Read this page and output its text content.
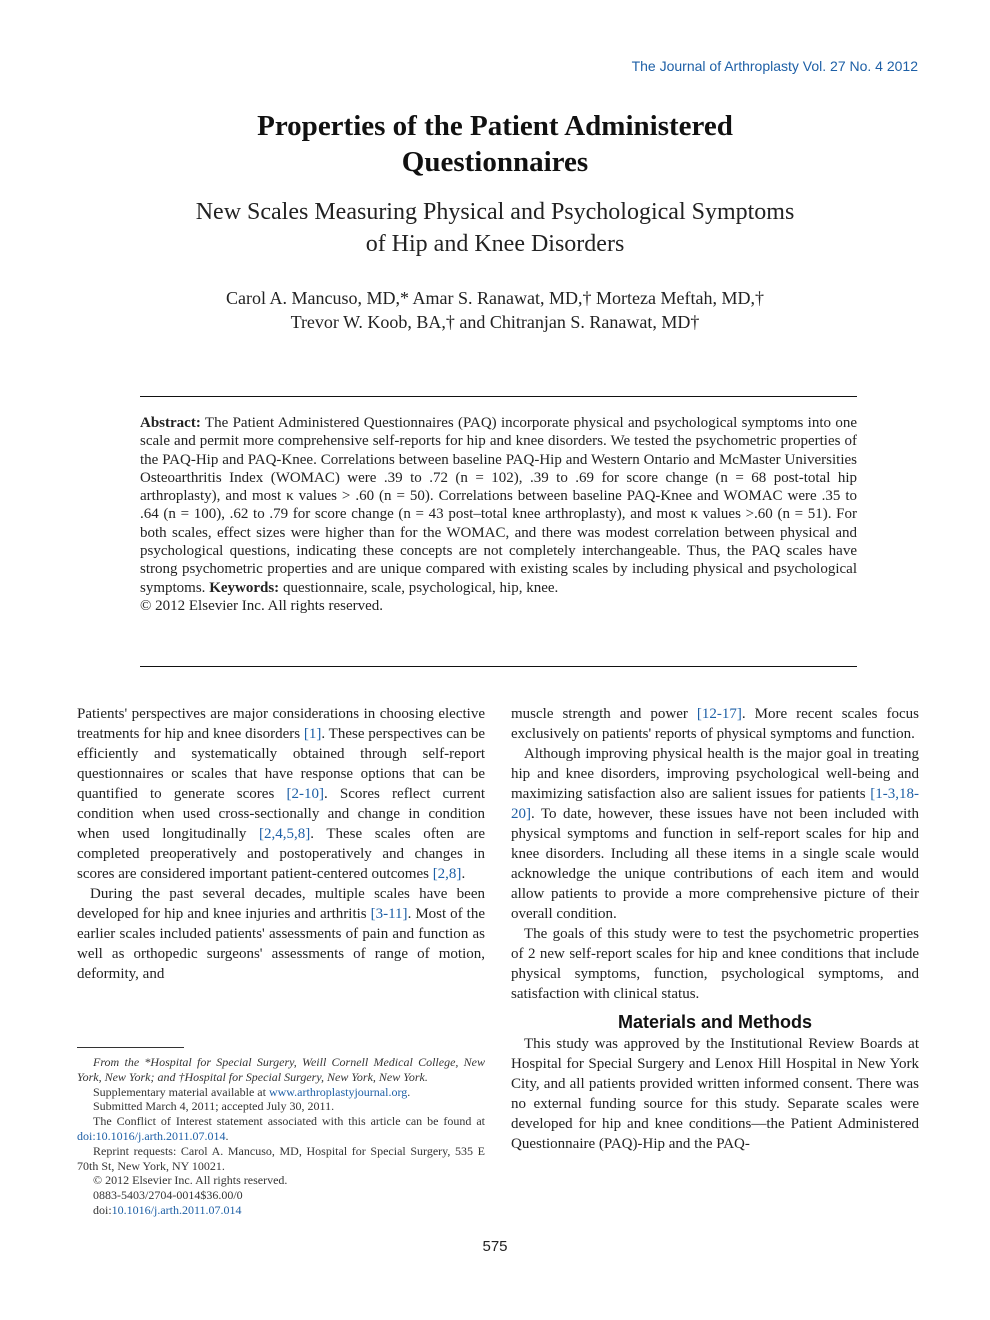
The Journal of Arthroplasty Vol. 27 No. 4 2012
Properties of the Patient Administered
Questionnaires
New Scales Measuring Physical and Psychological Symptoms
of Hip and Knee Disorders
Carol A. Mancuso, MD,* Amar S. Ranawat, MD,† Morteza Meftah, MD,†
Trevor W. Koob, BA,† and Chitranjan S. Ranawat, MD†
Abstract: The Patient Administered Questionnaires (PAQ) incorporate physical and psychological symptoms into one scale and permit more comprehensive self-reports for hip and knee disorders. We tested the psychometric properties of the PAQ-Hip and PAQ-Knee. Correlations between baseline PAQ-Hip and Western Ontario and McMaster Universities Osteoarthritis Index (WOMAC) were .39 to .72 (n = 102), .39 to .69 for score change (n = 68 post-total hip arthroplasty), and most κ values > .60 (n = 50). Correlations between baseline PAQ-Knee and WOMAC were .35 to .64 (n = 100), .62 to .79 for score change (n = 43 post–total knee arthroplasty), and most κ values >.60 (n = 51). For both scales, effect sizes were higher than for the WOMAC, and there was modest correlation between physical and psychological questions, indicating these concepts are not completely interchangeable. Thus, the PAQ scales have strong psychometric properties and are unique compared with existing scales by including physical and psychological symptoms. Keywords: questionnaire, scale, psychological, hip, knee.
© 2012 Elsevier Inc. All rights reserved.

Patients' perspectives are major considerations in choosing elective treatments for hip and knee disorders [1]. These perspectives can be efficiently and systematically obtained through self-report questionnaires or scales that have response options that can be quantified to generate scores [2-10]. Scores reflect current condition when used cross-sectionally and change in condition when used longitudinally [2,4,5,8]. These scales often are completed preoperatively and postoperatively and changes in scores are considered important patient-centered outcomes [2,8].

During the past several decades, multiple scales have been developed for hip and knee injuries and arthritis [3-11]. Most of the earlier scales included patients' assessments of pain and function as well as orthopedic surgeons' assessments of range of motion, deformity, and

From the *Hospital for Special Surgery, Weill Cornell Medical College, New York, New York; and †Hospital for Special Surgery, New York, New York.

Supplementary material available at www.arthroplastyjournal.org.

Submitted March 4, 2011; accepted July 30, 2011.

The Conflict of Interest statement associated with this article can be found at doi:10.1016/j.arth.2011.07.014.

Reprint requests: Carol A. Mancuso, MD, Hospital for Special Surgery, 535 E 70th St, New York, NY 10021.

© 2012 Elsevier Inc. All rights reserved.

0883-5403/2704-0014$36.00/0

doi:10.1016/j.arth.2011.07.014

muscle strength and power [12-17]. More recent scales focus exclusively on patients' reports of physical symptoms and function.

Although improving physical health is the major goal in treating hip and knee disorders, improving psychological well-being and maximizing satisfaction also are salient issues for patients [1-3,18-20]. To date, however, these issues have not been included with physical symptoms and function in self-report scales for hip and knee disorders. Including all these items in a single scale would acknowledge the unique contributions of each item and would allow patients to provide a more comprehensive picture of their overall condition.

The goals of this study were to test the psychometric properties of 2 new self-report scales for hip and knee conditions that include physical symptoms, function, psychological symptoms, and satisfaction with clinical status.

Materials and Methods

This study was approved by the Institutional Review Boards at Hospital for Special Surgery and Lenox Hill Hospital in New York City, and all patients provided written informed consent. There was no external funding source for this study. Separate scales were developed for hip and knee conditions—the Patient Administered Questionnaire (PAQ)-Hip and the PAQ-

575
